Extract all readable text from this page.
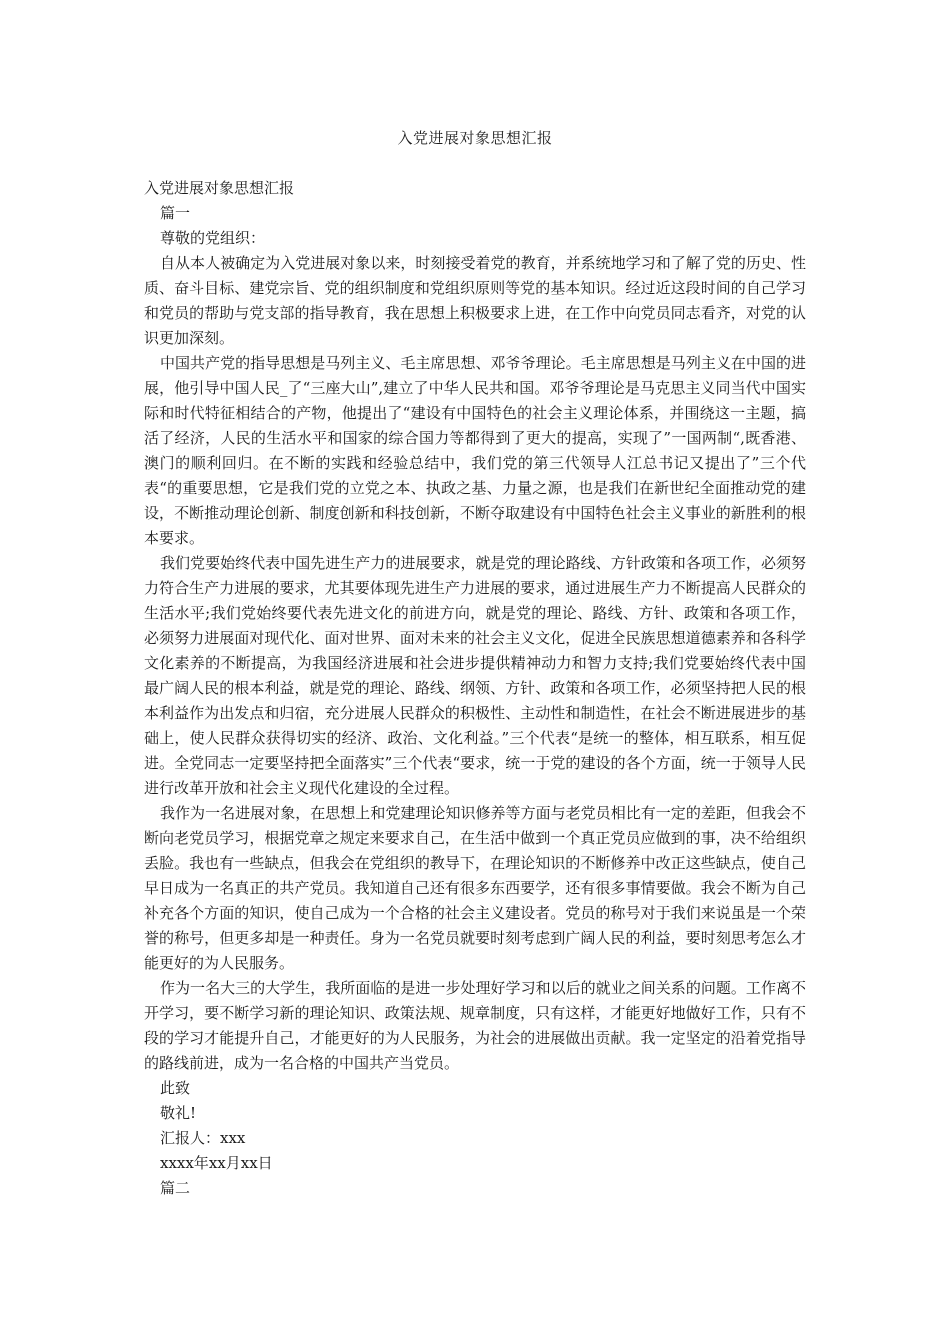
入党进展对象思想汇报

入党进展对象思想汇报

篇一

尊敬的党组织：

自从本人被确定为入党进展对象以来，时刻接受着党的教育，并系统地学习和了解了党的历史、性质、奋斗目标、建党宗旨、党的组织制度和党组织原则等党的基本知识。经过近这段时间的自己学习和党员的帮助与党支部的指导教育，我在思想上积极要求上进，在工作中向党员同志看齐，对党的认识更加深刻。

中国共产党的指导思想是马列主义、毛主席思想、邓爷爷理论。毛主席思想是马列主义在中国的进展，他引导中国人民_了“三座大山”,建立了中华人民共和国。邓爷爷理论是马克思主义同当代中国实际和时代特征相结合的产物，他提出了“建设有中国特色的社会主义理论体系，并围绕这一主题，搞活了经济，人民的生活水平和国家的综合国力等都得到了更大的提高，实现了”一国两制“,既香港、澳门的顺利回归。在不断的实践和经验总结中，我们党的第三代领导人江总书记又提出了”三个代表“的重要思想，它是我们党的立党之本、执政之基、力量之源，也是我们在新世纪全面推动党的建设，不断推动理论创新、制度创新和科技创新，不断夺取建设有中国特色社会主义事业的新胜利的根本要求。

我们党要始终代表中国先进生产力的进展要求，就是党的理论路线、方针政策和各项工作，必须努力符合生产力进展的要求，尤其要体现先进生产力进展的要求，通过进展生产力不断提高人民群众的生活水平;我们党始终要代表先进文化的前进方向，就是党的理论、路线、方针、政策和各项工作，必须努力进展面对现代化、面对世界、面对未来的社会主义文化，促进全民族思想道德素养和各科学文化素养的不断提高，为我国经济进展和社会进步提供精神动力和智力支持;我们党要始终代表中国最广阔人民的根本利益，就是党的理论、路线、纲领、方针、政策和各项工作，必须坚持把人民的根本利益作为出发点和归宿，充分进展人民群众的积极性、主动性和制造性，在社会不断进展进步的基础上，使人民群众获得切实的经济、政治、文化利益。”三个代表“是统一的整体，相互联系，相互促进。全党同志一定要坚持把全面落实”三个代表“要求，统一于党的建设的各个方面，统一于领导人民进行改革开放和社会主义现代化建设的全过程。

我作为一名进展对象，在思想上和党建理论知识修养等方面与老党员相比有一定的差距，但我会不断向老党员学习，根据党章之规定来要求自己，在生活中做到一个真正党员应做到的事，决不给组织丢脸。我也有一些缺点，但我会在党组织的教导下，在理论知识的不断修养中改正这些缺点，使自己早日成为一名真正的共产党员。我知道自己还有很多东西要学，还有很多事情要做。我会不断为自己补充各个方面的知识，使自己成为一个合格的社会主义建设者。党员的称号对于我们来说虽是一个荣誉的称号，但更多却是一种责任。身为一名党员就要时刻考虑到广阔人民的利益，要时刻思考怎么才能更好的为人民服务。

作为一名大三的大学生，我所面临的是进一步处理好学习和以后的就业之间关系的问题。工作离不开学习，要不断学习新的理论知识、政策法规、规章制度，只有这样，才能更好地做好工作，只有不段的学习才能提升自己，才能更好的为人民服务，为社会的进展做出贡献。我一定坚定的沿着党指导的路线前进，成为一名合格的中国共产当党员。

此致

敬礼!

汇报人：xxx

xxxx年xx月xx日

篇二
